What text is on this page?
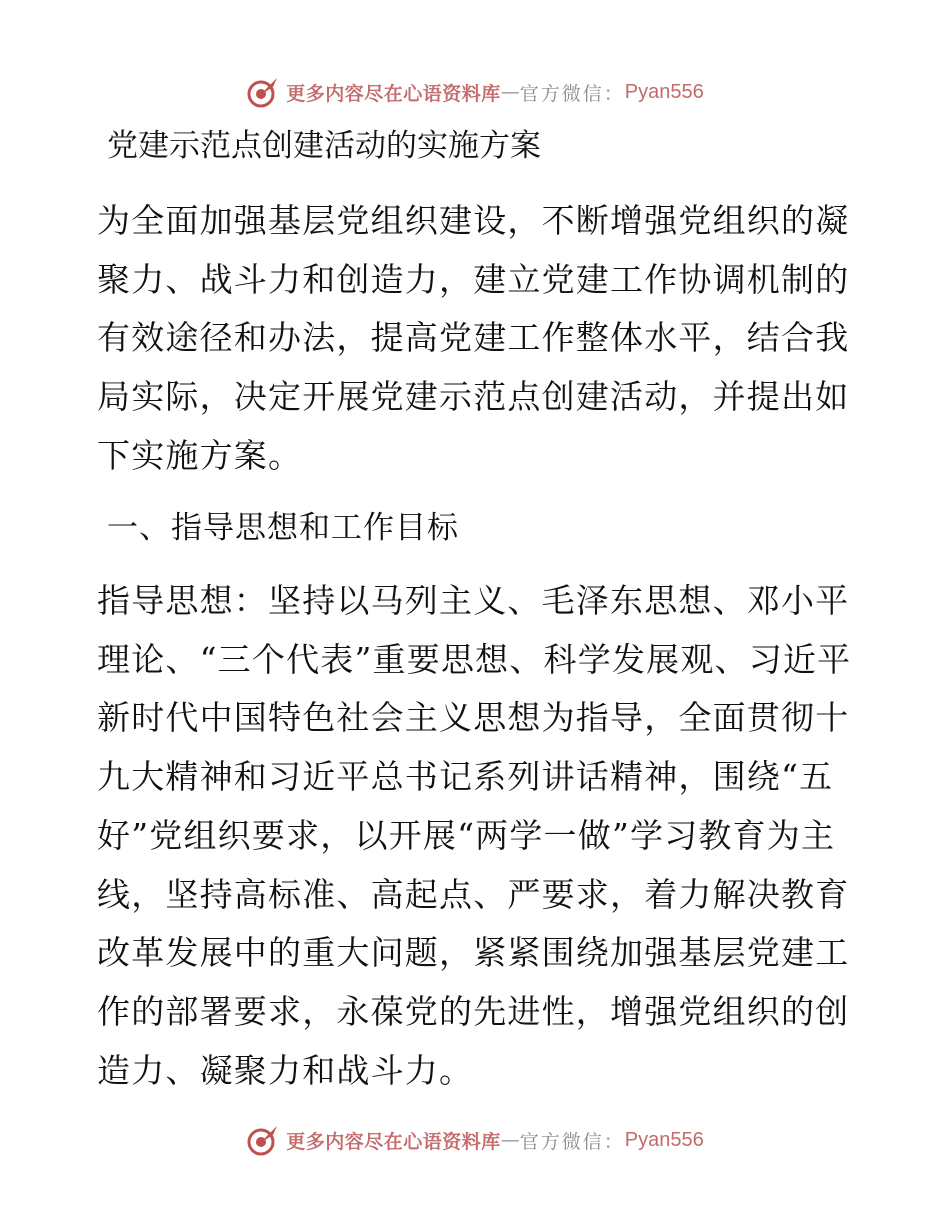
更多内容尽在心语资料库 — 官方微信： Pyan556
党建示范点创建活动的实施方案

为全面加强基层党组织建设，不断增强党组织的凝聚力、战斗力和创造力，建立党建工作协调机制的有效途径和办法，提高党建工作整体水平，结合我局实际，决定开展党建示范点创建活动，并提出如下实施方案。

一、指导思想和工作目标

指导思想：坚持以马列主义、毛泽东思想、邓小平理论、“三个代表”重要思想、科学发展观、习近平新时代中国特色社会主义思想为指导，全面贯彻十九大精神和习近平总书记系列讲话精神，围绕“五好”党组织要求，以开展“两学一做”学习教育为主线，坚持高标准、高起点、严要求，着力解决教育改革发展中的重大问题，紧紧围绕加强基层党建工作的部署要求，永葆党的先进性，增强党组织的创造力、凝聚力和战斗力。

更多内容尽在心语资料库 — 官方微信： Pyan556
